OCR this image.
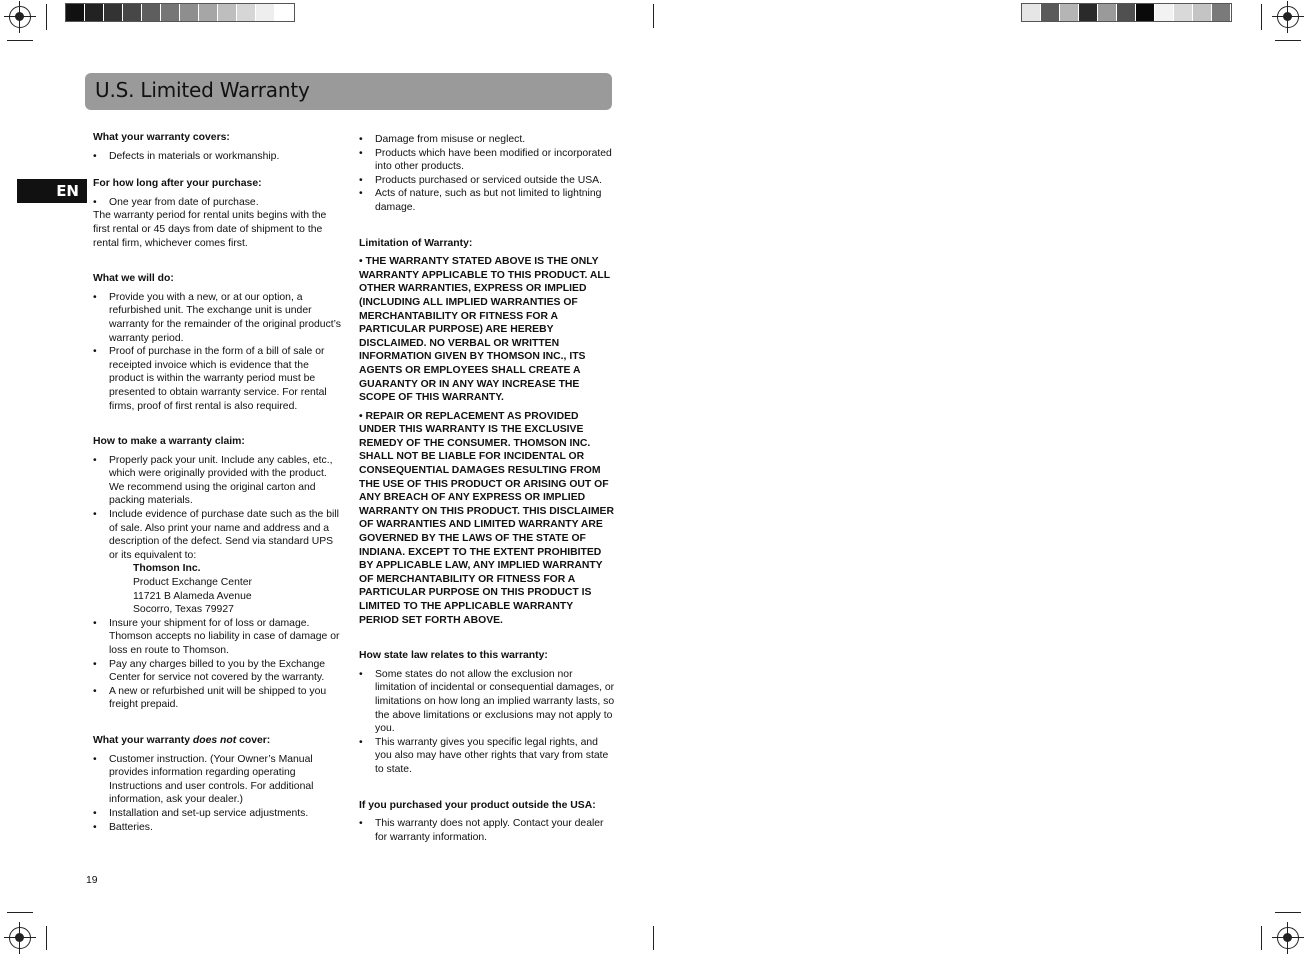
U.S. Limited Warranty
EN
What your warranty covers:
• Defects in materials or workmanship.
For how long after your purchase:
• One year from date of purchase.
The warranty period for rental units begins with the first rental or 45 days from date of shipment to the rental firm, whichever comes first.
What we will do:
• Provide you with a new, or at our option, a refurbished unit. The exchange unit is under warranty for the remainder of the original product’s warranty period.
• Proof of purchase in the form of a bill of sale or receipted invoice which is evidence that the product is within the warranty period must be presented to obtain warranty service. For rental firms, proof of first rental is also required.
How to make a warranty claim:
• Properly pack your unit. Include any cables, etc., which were originally provided with the product. We recommend using the original carton and packing materials.
• Include evidence of purchase date such as the bill of sale. Also print your name and address and a description of the defect. Send via standard UPS or its equivalent to:
Thomson Inc.
Product Exchange Center
11721 B Alameda Avenue
Socorro, Texas 79927
• Insure your shipment for of loss or damage. Thomson accepts no liability in case of damage or loss en route to Thomson.
• Pay any charges billed to you by the Exchange Center for service not covered by the warranty.
• A new or refurbished unit will be shipped to you freight prepaid.
What your warranty does not cover:
• Customer instruction. (Your Owner’s Manual provides information regarding operating Instructions and user controls. For additional information, ask your dealer.)
• Installation and set-up service adjustments.
• Batteries.
• Damage from misuse or neglect.
• Products which have been modified or incorporated into other products.
• Products purchased or serviced outside the USA.
• Acts of nature, such as but not limited to lightning damage.
Limitation of Warranty:
• THE WARRANTY STATED ABOVE IS THE ONLY WARRANTY APPLICABLE TO THIS PRODUCT. ALL OTHER WARRANTIES, EXPRESS OR IMPLIED (INCLUDING ALL IMPLIED WARRANTIES OF MERCHANTABILITY OR FITNESS FOR A PARTICULAR PURPOSE) ARE HEREBY DISCLAIMED. NO VERBAL OR WRITTEN INFORMATION GIVEN BY THOMSON INC., ITS AGENTS OR EMPLOYEES SHALL CREATE A GUARANTY OR IN ANY WAY INCREASE THE SCOPE OF THIS WARRANTY.
• REPAIR OR REPLACEMENT AS PROVIDED UNDER THIS WARRANTY IS THE EXCLUSIVE REMEDY OF THE CONSUMER. THOMSON INC. SHALL NOT BE LIABLE FOR INCIDENTAL OR CONSEQUENTIAL DAMAGES RESULTING FROM THE USE OF THIS PRODUCT OR ARISING OUT OF ANY BREACH OF ANY EXPRESS OR IMPLIED WARRANTY ON THIS PRODUCT. THIS DISCLAIMER OF WARRANTIES AND LIMITED WARRANTY ARE GOVERNED BY THE LAWS OF THE STATE OF INDIANA. EXCEPT TO THE EXTENT PROHIBITED BY APPLICABLE LAW, ANY IMPLIED WARRANTY OF MERCHANTABILITY OR FITNESS FOR A PARTICULAR PURPOSE ON THIS PRODUCT IS LIMITED TO THE APPLICABLE WARRANTY PERIOD SET FORTH ABOVE.
How state law relates to this warranty:
• Some states do not allow the exclusion nor limitation of incidental or consequential damages, or limitations on how long an implied warranty lasts, so the above limitations or exclusions may not apply to you.
• This warranty gives you specific legal rights, and you also may have other rights that vary from state to state.
If you purchased your product outside the USA:
• This warranty does not apply. Contact your dealer for warranty information.
19
